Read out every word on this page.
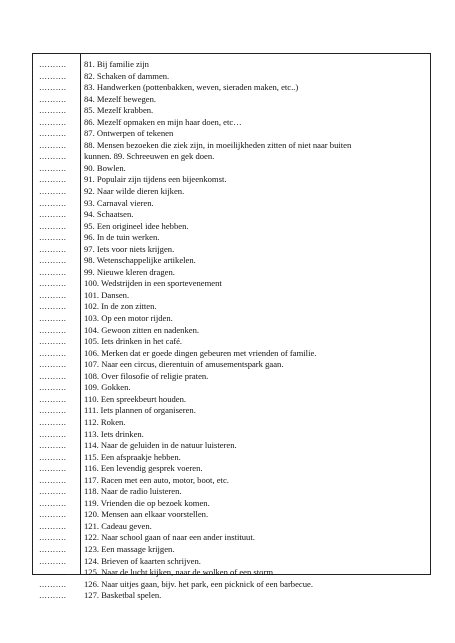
………. 81. Bij familie zijn
………. 82. Schaken of dammen.
………. 83. Handwerken (pottenbakken, weven, sieraden maken, etc..)
………. 84. Mezelf bewegen.
………. 85. Mezelf krabben.
………. 86. Mezelf opmaken en mijn haar doen, etc…
………. 87. Ontwerpen of tekenen
………. 88. Mensen bezoeken die ziek zijn, in moeilijkheden zitten of niet naar buiten
………. kunnen. 89. Schreeuwen en gek doen.
………. 90. Bowlen.
………. 91. Populair zijn tijdens een bijeenkomst.
………. 92. Naar wilde dieren kijken.
………. 93. Carnaval vieren.
………. 94. Schaatsen.
………. 95. Een origineel idee hebben.
………. 96. In de tuin werken.
………. 97. Iets voor niets krijgen.
………. 98. Wetenschappelijke artikelen.
………. 99. Nieuwe kleren dragen.
………. 100. Wedstrijden in een sportevenement
………. 101. Dansen.
………. 102. In de zon zitten.
………. 103. Op een motor rijden.
………. 104. Gewoon zitten en nadenken.
………. 105. Iets drinken in het café.
………. 106. Merken dat er goede dingen gebeuren met vrienden of familie.
………. 107. Naar een circus, dierentuin of amusementspark gaan.
………. 108. Over filosofie of religie praten.
………. 109. Gokken.
………. 110. Een spreekbeurt houden.
………. 111. Iets plannen of organiseren.
………. 112. Roken.
………. 113. Iets drinken.
………. 114. Naar de geluiden in de natuur luisteren.
………. 115. Een afspraakje hebben.
………. 116. Een levendig gesprek voeren.
………. 117. Racen met een auto, motor, boot, etc.
………. 118. Naar de radio luisteren.
………. 119. Vrienden die op bezoek komen.
………. 120. Mensen aan elkaar voorstellen.
………. 121. Cadeau geven.
………. 122. Naar school gaan of naar een ander instituut.
………. 123. Een massage krijgen.
………. 124. Brieven of kaarten schrijven.
………. 125. Naar de lucht kijken, naar de wolken of een storm.
………. 126. Naar uitjes gaan, bijv. het park, een picknick of een barbecue.
………. 127. Basketbal spelen.
